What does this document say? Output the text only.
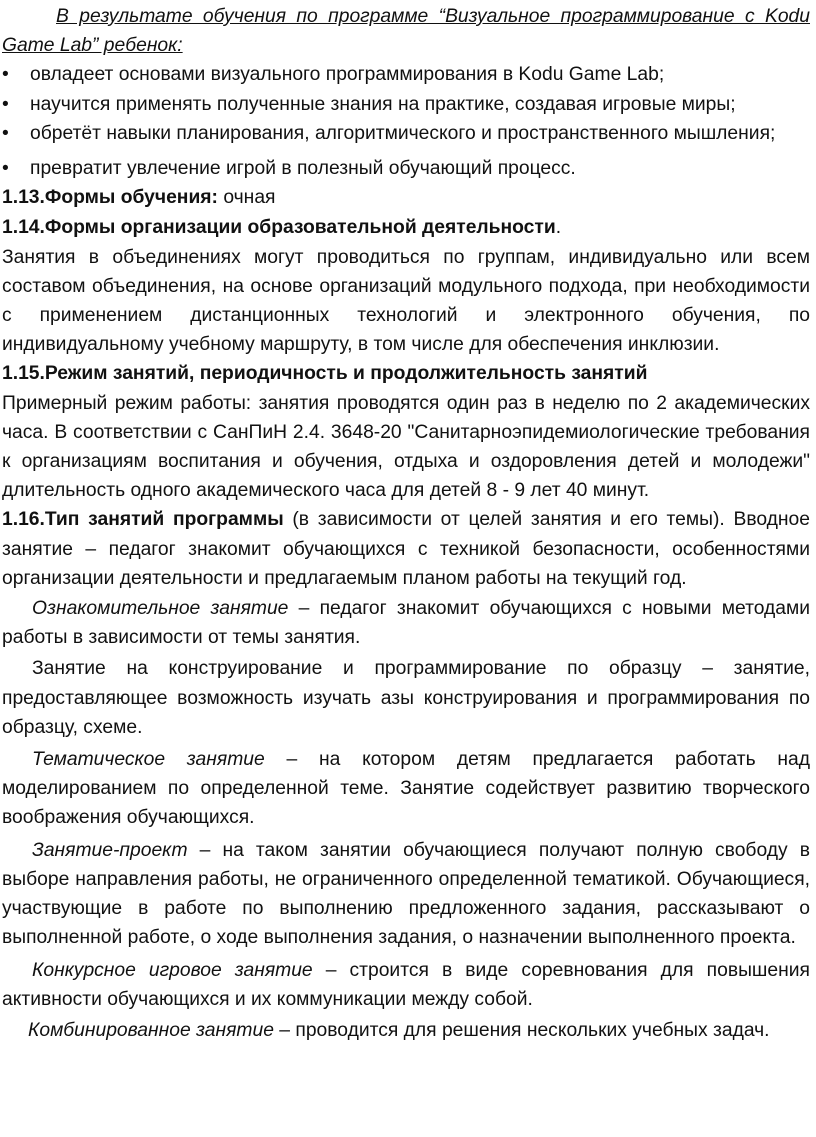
В результате обучения по программе “Визуальное программирование с Kodu Game Lab” ребенок:

• овладеет основами визуального программирования в Kodu Game Lab;
• научится применять полученные знания на практике, создавая игровые миры;
• обретёт навыки планирования, алгоритмического и пространственного мышления;
• превратит увлечение игрой в полезный обучающий процесс.

1.13.Формы обучения: очная

1.14.Формы организации образовательной деятельности.

Занятия в объединениях могут проводиться по группам, индивидуально или всем составом объединения, на основе организаций модульного подхода, при необходимости с применением дистанционных технологий и электронного обучения, по индивидуальному учебному маршруту, в том числе для обеспечения инклюзии.

1.15.Режим занятий, периодичность и продолжительность занятий

Примерный режим работы: занятия проводятся один раз в неделю по 2 академических часа. В соответствии с СанПиН 2.4. 3648-20 "Санитарноэпидемиологические требования к организациям воспитания и обучения, отдыха и оздоровления детей и молодежи" длительность одного академического часа для детей 8 - 9 лет 40 минут.

1.16.Тип занятий программы (в зависимости от целей занятия и его темы). Вводное занятие – педагог знакомит обучающихся с техникой безопасности, особенностями организации деятельности и предлагаемым планом работы на текущий год.

Ознакомительное занятие – педагог знакомит обучающихся с новыми методами работы в зависимости от темы занятия.

Занятие на конструирование и программирование по образцу – занятие, предоставляющее возможность изучать азы конструирования и программирования по образцу, схеме.

Тематическое занятие – на котором детям предлагается работать над моделированием по определенной теме. Занятие содействует развитию творческого воображения обучающихся.

Занятие-проект – на таком занятии обучающиеся получают полную свободу в выборе направления работы, не ограниченного определенной тематикой. Обучающиеся, участвующие в работе по выполнению предложенного задания, рассказывают о выполненной работе, о ходе выполнения задания, о назначении выполненного проекта.

Конкурсное игровое занятие – строится в виде соревнования для повышения активности обучающихся и их коммуникации между собой.

Комбинированное занятие – проводится для решения нескольких учебных задач.
